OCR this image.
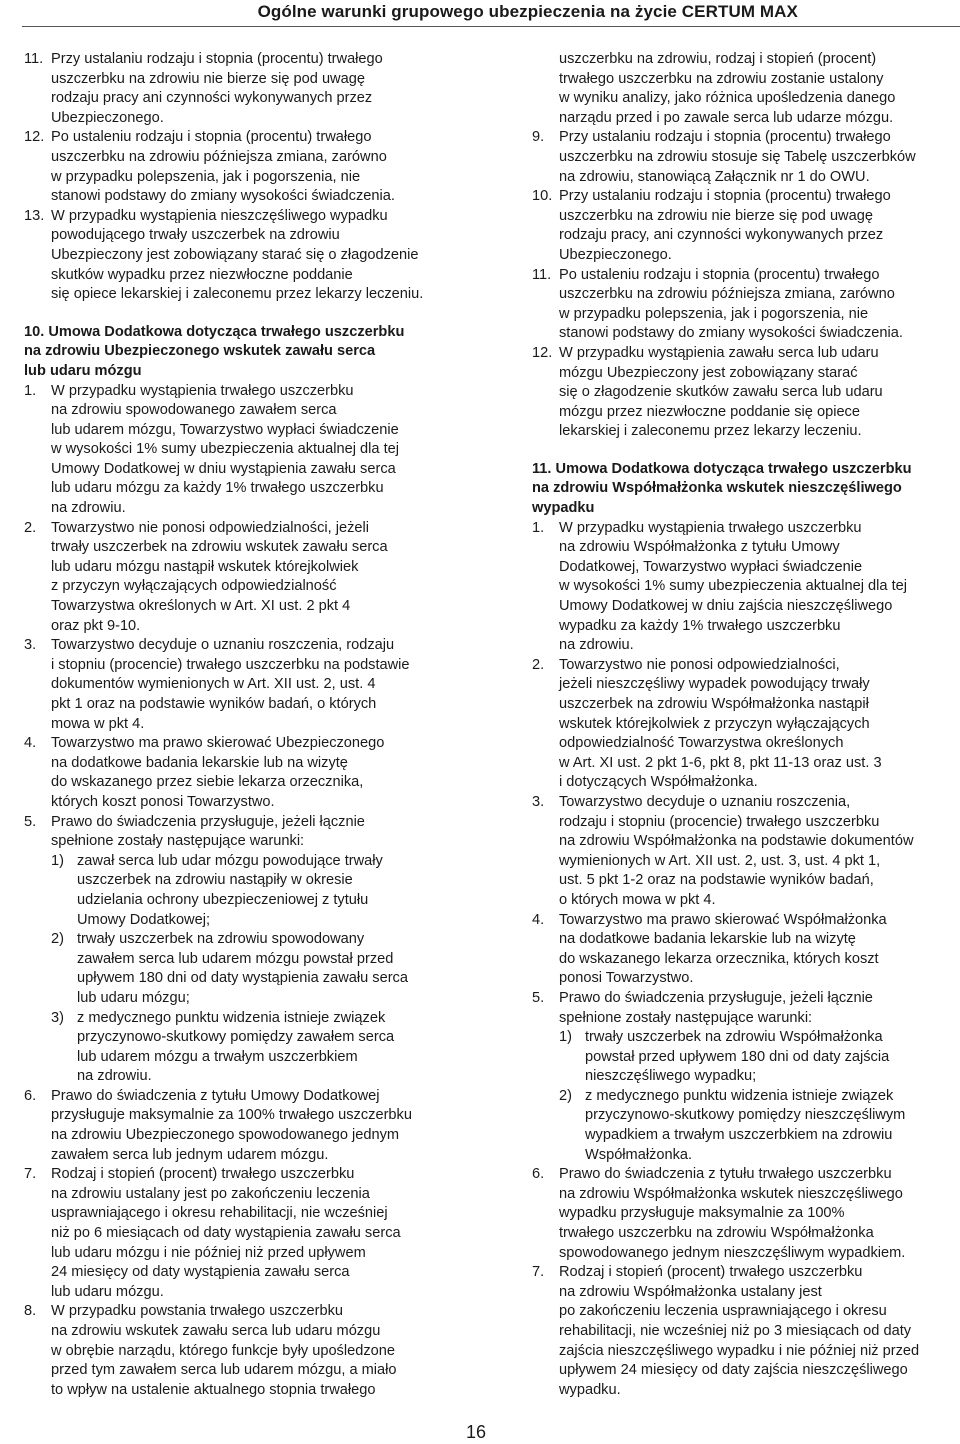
Ogólne warunki grupowego ubezpieczenia na życie CERTUM MAX
11. Przy ustalaniu rodzaju i stopnia (procentu) trwałego
uszczerbku na zdrowiu nie bierze się pod uwagę
rodzaju pracy ani czynności wykonywanych przez
Ubezpieczonego.
12. Po ustaleniu rodzaju i stopnia (procentu) trwałego
uszczerbku na zdrowiu późniejsza zmiana, zarówno
w przypadku polepszenia, jak i pogorszenia, nie
stanowi podstawy do zmiany wysokości świadczenia.
13. W przypadku wystąpienia nieszczęśliwego wypadku
powodującego trwały uszczerbek na zdrowiu
Ubezpieczony jest zobowiązany starać się o złagodzenie
skutków wypadku przez niezwłoczne poddanie
się opiece lekarskiej i zaleconemu przez lekarzy leczeniu.
10. Umowa Dodatkowa dotycząca trwałego uszczerbku
na zdrowiu Ubezpieczonego wskutek zawału serca
lub udaru mózgu
1. W przypadku wystąpienia trwałego uszczerbku
na zdrowiu spowodowanego zawałem serca
lub udarem mózgu, Towarzystwo wypłaci świadczenie
w wysokości 1% sumy ubezpieczenia aktualnej dla tej
Umowy Dodatkowej w dniu wystąpienia zawału serca
lub udaru mózgu za każdy 1% trwałego uszczerbku
na zdrowiu.
2. Towarzystwo nie ponosi odpowiedzialności, jeżeli
trwały uszczerbek na zdrowiu wskutek zawału serca
lub udaru mózgu nastąpił wskutek którejkolwiek
z przyczyn wyłączających odpowiedzialność
Towarzystwa określonych w Art. XI ust. 2 pkt 4
oraz pkt 9-10.
3. Towarzystwo decyduje o uznaniu roszczenia, rodzaju
i stopniu (procencie) trwałego uszczerbku na podstawie
dokumentów wymienionych w Art. XII ust. 2, ust. 4
pkt 1 oraz na podstawie wyników badań, o których
mowa w pkt 4.
4. Towarzystwo ma prawo skierować Ubezpieczonego
na dodatkowe badania lekarskie lub na wizytę
do wskazanego przez siebie lekarza orzecznika,
których koszt ponosi Towarzystwo.
5. Prawo do świadczenia przysługuje, jeżeli łącznie
spełnione zostały następujące warunki:
1) zawał serca lub udar mózgu powodujące trwały
uszczerbek na zdrowiu nastąpiły w okresie
udzielania ochrony ubezpieczeniowej z tytułu
Umowy Dodatkowej;
2) trwały uszczerbek na zdrowiu spowodowany
zawałem serca lub udarem mózgu powstał przed
upływem 180 dni od daty wystąpienia zawału serca
lub udaru mózgu;
3) z medycznego punktu widzenia istnieje związek
przyczynowo-skutkowy pomiędzy zawałem serca
lub udarem mózgu a trwałym uszczerbkiem
na zdrowiu.
6. Prawo do świadczenia z tytułu Umowy Dodatkowej
przysługuje maksymalnie za 100% trwałego uszczerbku
na zdrowiu Ubezpieczonego spowodowanego jednym
zawałem serca lub jednym udarem mózgu.
7. Rodzaj i stopień (procent) trwałego uszczerbku
na zdrowiu ustalany jest po zakończeniu leczenia
usprawniającego i okresu rehabilitacji, nie wcześniej
niż po 6 miesiącach od daty wystąpienia zawału serca
lub udaru mózgu i nie później niż przed upływem
24 miesięcy od daty wystąpienia zawału serca
lub udaru mózgu.
8. W przypadku powstania trwałego uszczerbku
na zdrowiu wskutek zawału serca lub udaru mózgu
w obrębie narządu, którego funkcje były upośledzone
przed tym zawałem serca lub udarem mózgu, a miało
to wpływ na ustalenie aktualnego stopnia trwałego
uszczerbku na zdrowiu, rodzaj i stopień (procent)
trwałego uszczerbku na zdrowiu zostanie ustalony
w wyniku analizy, jako różnica upośledzenia danego
narządu przed i po zawale serca lub udarze mózgu.
9. Przy ustalaniu rodzaju i stopnia (procentu) trwałego
uszczerbku na zdrowiu stosuje się Tabelę uszczerbków
na zdrowiu, stanowiącą Załącznik nr 1 do OWU.
10. Przy ustalaniu rodzaju i stopnia (procentu) trwałego
uszczerbku na zdrowiu nie bierze się pod uwagę
rodzaju pracy, ani czynności wykonywanych przez
Ubezpieczonego.
11. Po ustaleniu rodzaju i stopnia (procentu) trwałego
uszczerbku na zdrowiu późniejsza zmiana, zarówno
w przypadku polepszenia, jak i pogorszenia, nie
stanowi podstawy do zmiany wysokości świadczenia.
12. W przypadku wystąpienia zawału serca lub udaru
mózgu Ubezpieczony jest zobowiązany starać
się o złagodzenie skutków zawału serca lub udaru
mózgu przez niezwłoczne poddanie się opiece
lekarskiej i zaleconemu przez lekarzy leczeniu.
11. Umowa Dodatkowa dotycząca trwałego uszczerbku
na zdrowiu Współmałżonka wskutek nieszczęśliwego
wypadku
1. W przypadku wystąpienia trwałego uszczerbku
na zdrowiu Współmałżonka z tytułu Umowy
Dodatkowej, Towarzystwo wypłaci świadczenie
w wysokości 1% sumy ubezpieczenia aktualnej dla tej
Umowy Dodatkowej w dniu zajścia nieszczęśliwego
wypadku za każdy 1% trwałego uszczerbku
na zdrowiu.
2. Towarzystwo nie ponosi odpowiedzialności,
jeżeli nieszczęśliwy wypadek powodujący trwały
uszczerbek na zdrowiu Współmałżonka nastąpił
wskutek którejkolwiek z przyczyn wyłączających
odpowiedzialność Towarzystwa określonych
w Art. XI ust. 2 pkt 1-6, pkt 8, pkt 11-13 oraz ust. 3
i dotyczących Współmałżonka.
3. Towarzystwo decyduje o uznaniu roszczenia,
rodzaju i stopniu (procencie) trwałego uszczerbku
na zdrowiu Współmałżonka na podstawie dokumentów
wymienionych w Art. XII ust. 2, ust. 3, ust. 4 pkt 1,
ust. 5 pkt 1-2 oraz na podstawie wyników badań,
o których mowa w pkt 4.
4. Towarzystwo ma prawo skierować Współmałżonka
na dodatkowe badania lekarskie lub na wizytę
do wskazanego lekarza orzecznika, których koszt
ponosi Towarzystwo.
5. Prawo do świadczenia przysługuje, jeżeli łącznie
spełnione zostały następujące warunki:
1) trwały uszczerbek na zdrowiu Współmałżonka
powstał przed upływem 180 dni od daty zajścia
nieszczęśliwego wypadku;
2) z medycznego punktu widzenia istnieje związek
przyczynowo-skutkowy pomiędzy nieszczęśliwym
wypadkiem a trwałym uszczerbkiem na zdrowiu
Współmałżonka.
6. Prawo do świadczenia z tytułu trwałego uszczerbku
na zdrowiu Współmałżonka wskutek nieszczęśliwego
wypadku przysługuje maksymalnie za 100%
trwałego uszczerbku na zdrowiu Współmałżonka
spowodowanego jednym nieszczęśliwym wypadkiem.
7. Rodzaj i stopień (procent) trwałego uszczerbku
na zdrowiu Współmałżonka ustalany jest
po zakończeniu leczenia usprawniającego i okresu
rehabilitacji, nie wcześniej niż po 3 miesiącach od daty
zajścia nieszczęśliwego wypadku i nie później niż przed
upływem 24 miesięcy od daty zajścia nieszczęśliwego
wypadku.
16
